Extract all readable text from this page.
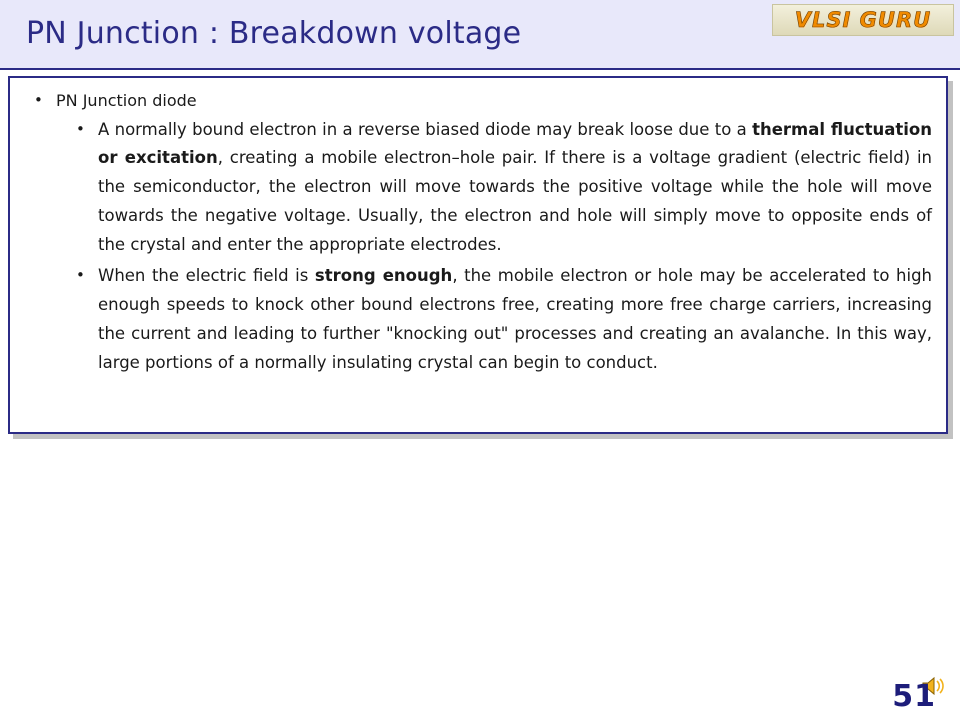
PN Junction : Breakdown voltage	VLSI GURU
• PN Junction diode
• A normally bound electron in a reverse biased diode may break loose due to a thermal fluctuation or excitation, creating a mobile electron–hole pair. If there is a voltage gradient (electric field) in the semiconductor, the electron will move towards the positive voltage while the hole will move towards the negative voltage. Usually, the electron and hole will simply move to opposite ends of the crystal and enter the appropriate electrodes.
• When the electric field is strong enough, the mobile electron or hole may be accelerated to high enough speeds to knock other bound electrons free, creating more free charge carriers, increasing the current and leading to further "knocking out" processes and creating an avalanche. In this way, large portions of a normally insulating crystal can begin to conduct.
51
